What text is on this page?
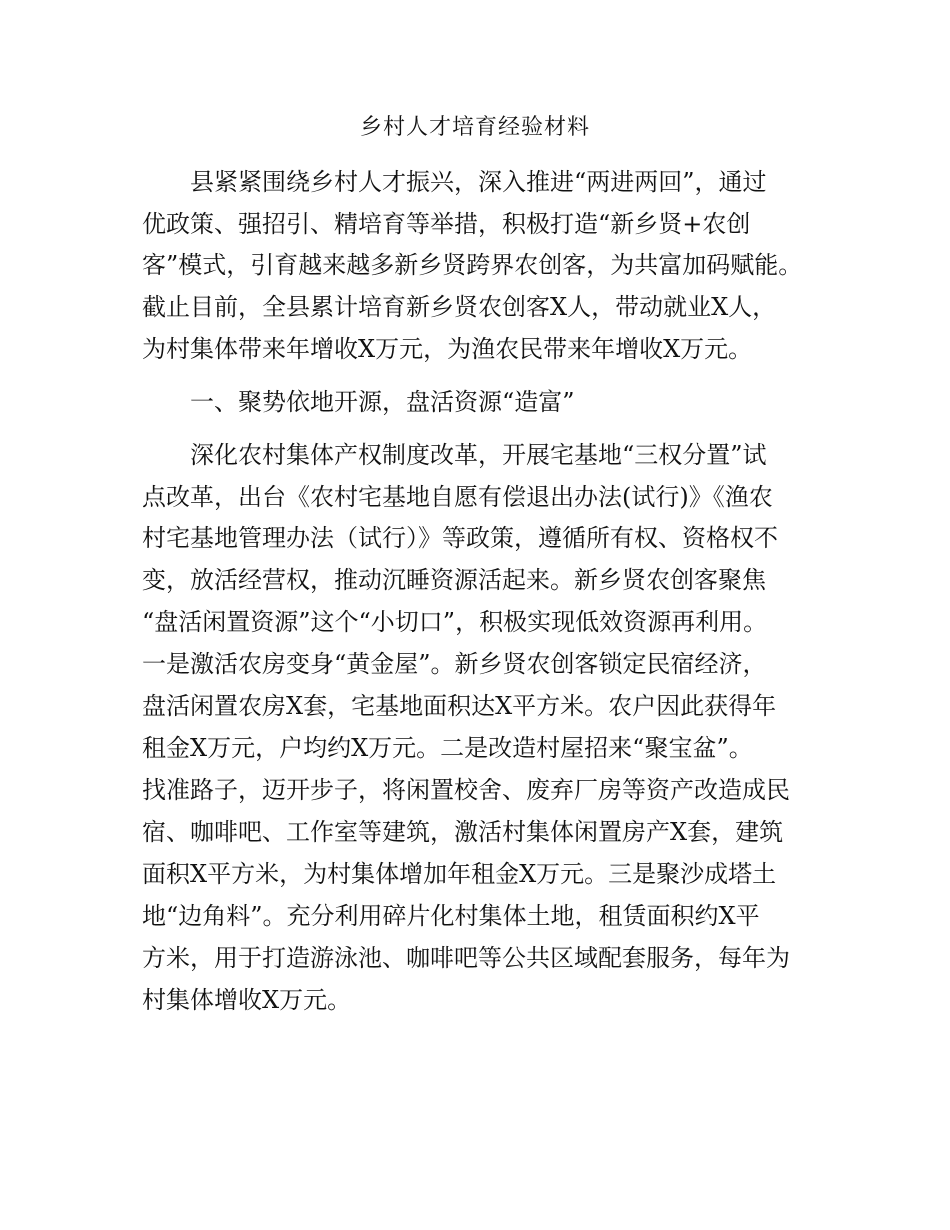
乡村人才培育经验材料
县紧紧围绕乡村人才振兴，深入推进“两进两回”，通过
优政策、强招引、精培育等举措，积极打造“新乡贤+农创
客”模式，引育越来越多新乡贤跨界农创客，为共富加码赋能。
截止目前，全县累计培育新乡贤农创客X人，带动就业X人，
为村集体带来年增收X万元，为渔农民带来年增收X万元。
一、聚势依地开源，盘活资源“造富”
深化农村集体产权制度改革，开展宅基地“三权分置”试
点改革，出台《农村宅基地自愿有偿退出办法(试行)》《渔农
村宅基地管理办法（试行）》等政策，遵循所有权、资格权不
变，放活经营权，推动沉睡资源活起来。新乡贤农创客聚焦
“盘活闲置资源”这个“小切口”，积极实现低效资源再利用。
一是激活农房变身“黄金屋”。新乡贤农创客锁定民宿经济，
盘活闲置农房X套，宅基地面积达X平方米。农户因此获得年
租金X万元，户均约X万元。二是改造村屋招来“聚宝盆”。
找准路子，迈开步子，将闲置校舍、废弃厂房等资产改造成民
宿、咖啡吧、工作室等建筑，激活村集体闲置房产X套，建筑
面积X平方米，为村集体增加年租金X万元。三是聚沙成塔土
地“边角料”。充分利用碎片化村集体土地，租赁面积约X平
方米，用于打造游泳池、咖啡吧等公共区域配套服务，每年为
村集体增收X万元。
